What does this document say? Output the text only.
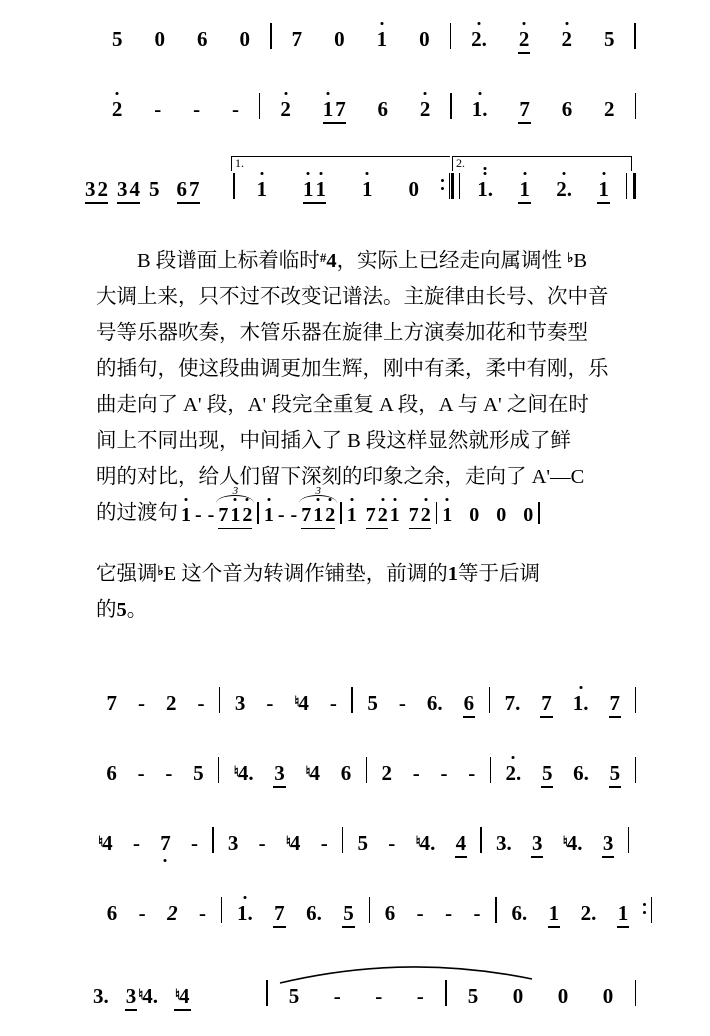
5 0 6 0 7 0 1 0 2. 2 2 5
2 - - - 2 1 7 6 2 1. 7 6 2
3 2 3 4 5 6 7
1.
1 1 1 1 0
2.
1. 1 2. 1

B 段谱面上标着临时#4，实际上已经走向属调性 ♭B

大调上来，只不过不改变记谱法。主旋律由长号、次中音

号等乐器吹奏，木管乐器在旋律上方演奏加花和节奏型

的插句，使这段曲调更加生辉，刚中有柔，柔中有刚，乐

曲走向了 A' 段，A' 段完全重复 A 段，A 与 A' 之间在时

间上不同出现，中间插入了 B 段这样显然就形成了鲜

明的对比，给人们留下深刻的印象之余，走向了 A'—C

的过渡句 1 - -
3
7 1 2 1 - -
3
7 1 2 1 7 2 1 7 2 1 0 0 0

它强调♭E 这个音为转调作铺垫，前调的1等于后调

的5。

7 - 2 - 3 - ♮4 - 5 - 6. 6 7. 7 1. 7
6 - - 5 ♮4. 3 ♮4 6 2 - - - 2. 5 6. 5
♮4 - 7 - 3 - ♮4 - 5 - ♮4. 4 3. 3 ♮4. 3
6 - 2 - 1. 7 6. 5 6 - - - 6. 1 2. 1
3. 3 ♮4. ♮4	5 - - - 5 0 0 0
